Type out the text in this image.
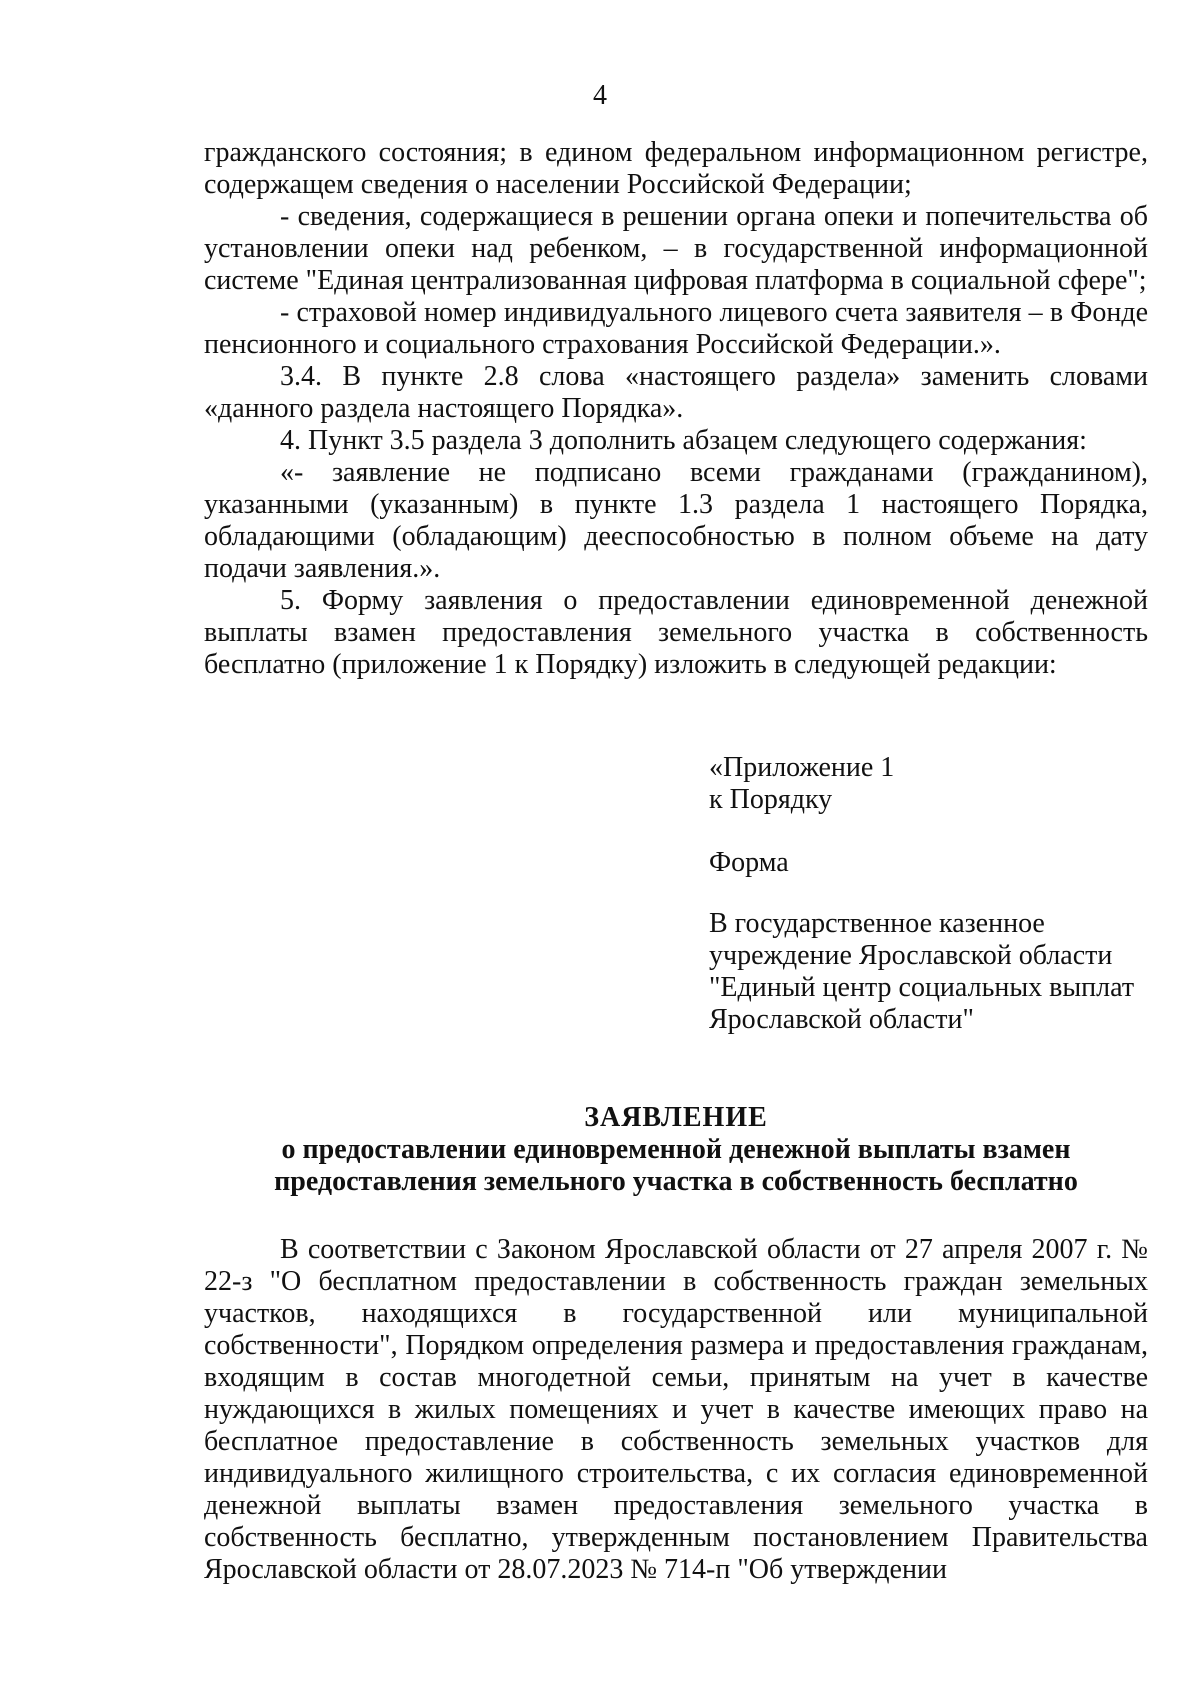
4

гражданского состояния; в едином федеральном информационном регистре, содержащем сведения о населении Российской Федерации;

- сведения, содержащиеся в решении органа опеки и попечительства об установлении опеки над ребенком, – в государственной информационной системе "Единая централизованная цифровая платформа в социальной сфере";

- страховой номер индивидуального лицевого счета заявителя – в Фонде пенсионного и социального страхования Российской Федерации.».

3.4. В пункте 2.8 слова «настоящего раздела» заменить словами «данного раздела настоящего Порядка».

4. Пункт 3.5 раздела 3 дополнить абзацем следующего содержания:

«- заявление не подписано всеми гражданами (гражданином), указанными (указанным) в пункте 1.3 раздела 1 настоящего Порядка, обладающими (обладающим) дееспособностью в полном объеме на дату подачи заявления.».

5. Форму заявления о предоставлении единовременной денежной выплаты взамен предоставления земельного участка в собственность бесплатно (приложение 1 к Порядку) изложить в следующей редакции:

«Приложение 1

к Порядку

Форма

В государственное казенное

учреждение Ярославской области

"Единый центр социальных выплат

Ярославской области"

ЗАЯВЛЕНИЕ
о предоставлении единовременной денежной выплаты взамен
предоставления земельного участка в собственность бесплатно

В соответствии с Законом Ярославской области от 27 апреля 2007 г. № 22-з "О бесплатном предоставлении в собственность граждан земельных участков, находящихся в государственной или муниципальной собственности", Порядком определения размера и предоставления гражданам, входящим в состав многодетной семьи, принятым на учет в качестве нуждающихся в жилых помещениях и учет в качестве имеющих право на бесплатное предоставление в собственность земельных участков для индивидуального жилищного строительства, с их согласия единовременной денежной выплаты взамен предоставления земельного участка в собственность бесплатно, утвержденным постановлением Правительства Ярославской области от 28.07.2023 № 714-п "Об утверждении
